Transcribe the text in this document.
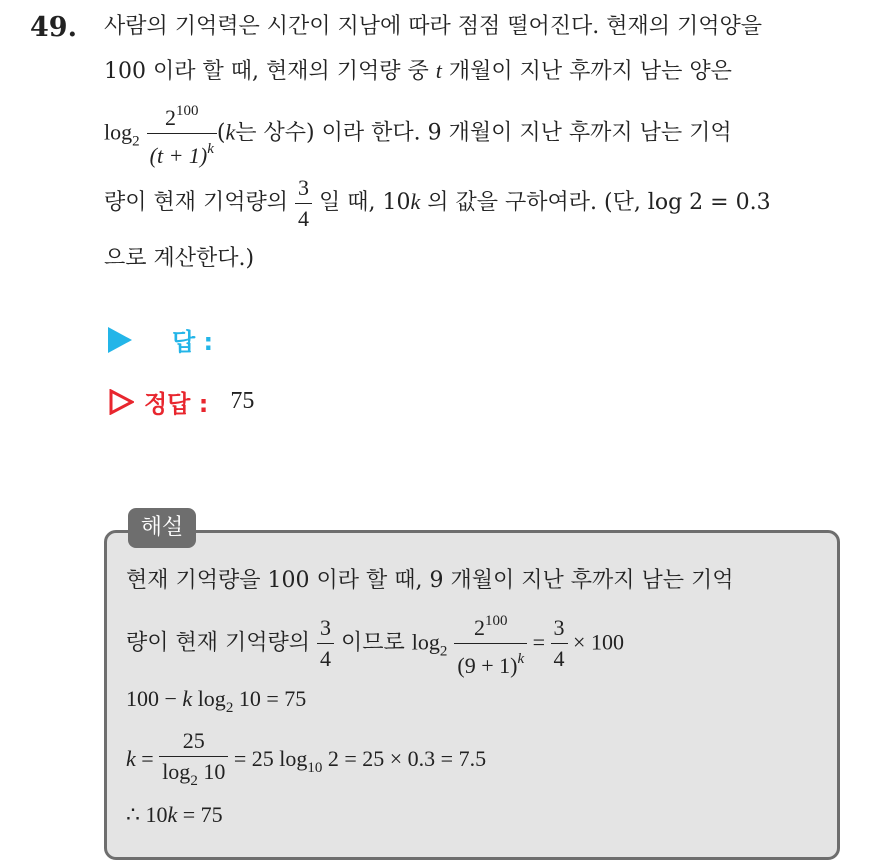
49. 사람의 기억력은 시간이 지남에 따라 점점 떨어진다. 현재의 기억양을
100 이라 할 때, 현재의 기억량 중 t 개월이 지난 후까지 남는 양은
$\log_2 \frac{2^{100}}{(t + 1)^k} (k$는 상수) 이라 한다. 9 개월이 지난 후까지 남는 기억
량이 현재 기억량의 $\frac{3}{4}$ 일 때, 10k 의 값을 구하여라. (단, log 2 = 0.3
으로 계산한다.)
답 :
정답 : 75
해설
현재 기억량을 100 이라 할 때, 9 개월이 지난 후까지 남는 기억
량이 현재 기억량의 $\frac{3}{4}$ 이므로 $\log_2 \frac{2^{100}}{(9 + 1)^k} = \frac{3}{4} \times 100$
100 − k $\log_2 10 = 75$
$k = \frac{25}{\log_2 10} = 25$ $\log_{10} 2 = 25 \times 0.3 = 7.5$
∴ 10k = 75
